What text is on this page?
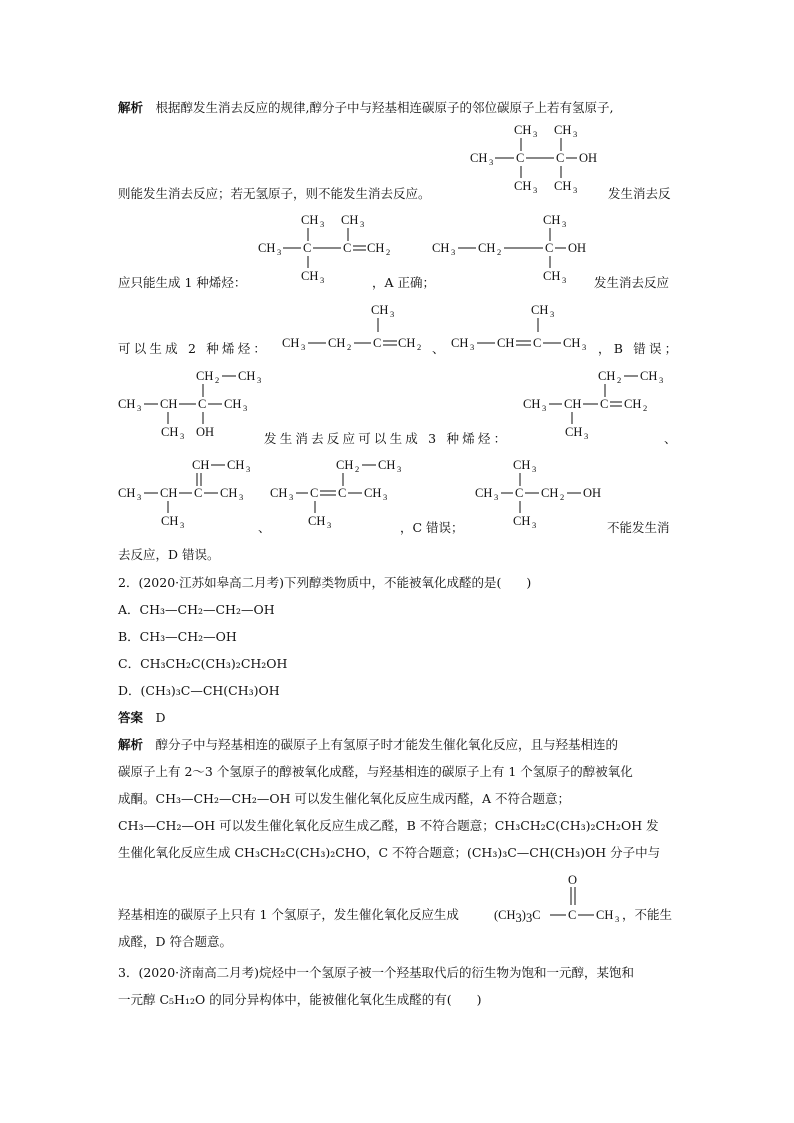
解析　 根据醇发生消去反应的规律,醇分子中与羟基相连碳原子的邻位碳原子上若有氢原子,
则能发生消去反应；若无氢原子，则不能发生消去反应。	发生消去反
应只能生成 1 种烯烃：	，A 正确；	发生消去反应
可以生成 2 种烯烃：	、	，B 错误；
发生消去反应可以生成 3 种烯烃：	、
、	，C 错误；	不能发生消
去反应，D 错误。
2．(2020·江苏如皋高二月考)下列醇类物质中，不能被氧化成醛的是(　　)
A．CH₃—CH₂—CH₂—OH
B．CH₃—CH₂—OH
C．CH₃CH₂C(CH₃)₂CH₂OH
D．(CH₃)₃C—CH(CH₃)OH
答案　 D
解析　 醇分子中与羟基相连的碳原子上有氢原子时才能发生催化氧化反应，且与羟基相连的
碳原子上有 2～3 个氢原子的醇被氧化成醛，与羟基相连的碳原子上有 1 个氢原子的醇被氧化
成酮。CH₃—CH₂—CH₂—OH 可以发生催化氧化反应生成丙醛，A 不符合题意；
CH₃—CH₂—OH 可以发生催化氧化反应生成乙醛，B 不符合题意；CH₃CH₂C(CH₃)₂CH₂OH 发
生催化氧化反应生成 CH₃CH₂C(CH₃)₂CHO，C 不符合题意；(CH₃)₃C—CH(CH₃)OH 分子中与
羟基相连的碳原子上只有 1 个氢原子，发生催化氧化反应生成	，不能生
成醛，D 符合题意。
3．(2020·济南高二月考)烷烃中一个氢原子被一个羟基取代后的衍生物为饱和一元醇，某饱和
一元醇 C₅H₁₂O 的同分异构体中，能被催化氧化生成醛的有(　　)
CH 3 CH 3
CH 3 C	C OH
CH 3 CH 3
CH 3 CH 3
CH 3 C	C CH 2
CH 3
CH 3
CH 3 CH 2	C OH
CH 3
CH 3
CH 3 CH 2 C CH 2
CH 3
CH 3 CH C CH 3
CH 2 CH 3
CH 3 CH C CH 3
CH 3 OH
CH 2 CH 3
CH 3 CH C CH 2
CH 3
CH CH 3
CH 3 CH C CH 3
CH 3
CH 2 CH 3
CH 3 C C CH 3
CH 3
CH 3
CH 3 C CH 2 OH
CH 3
O
(CH3)3C C CH 3
